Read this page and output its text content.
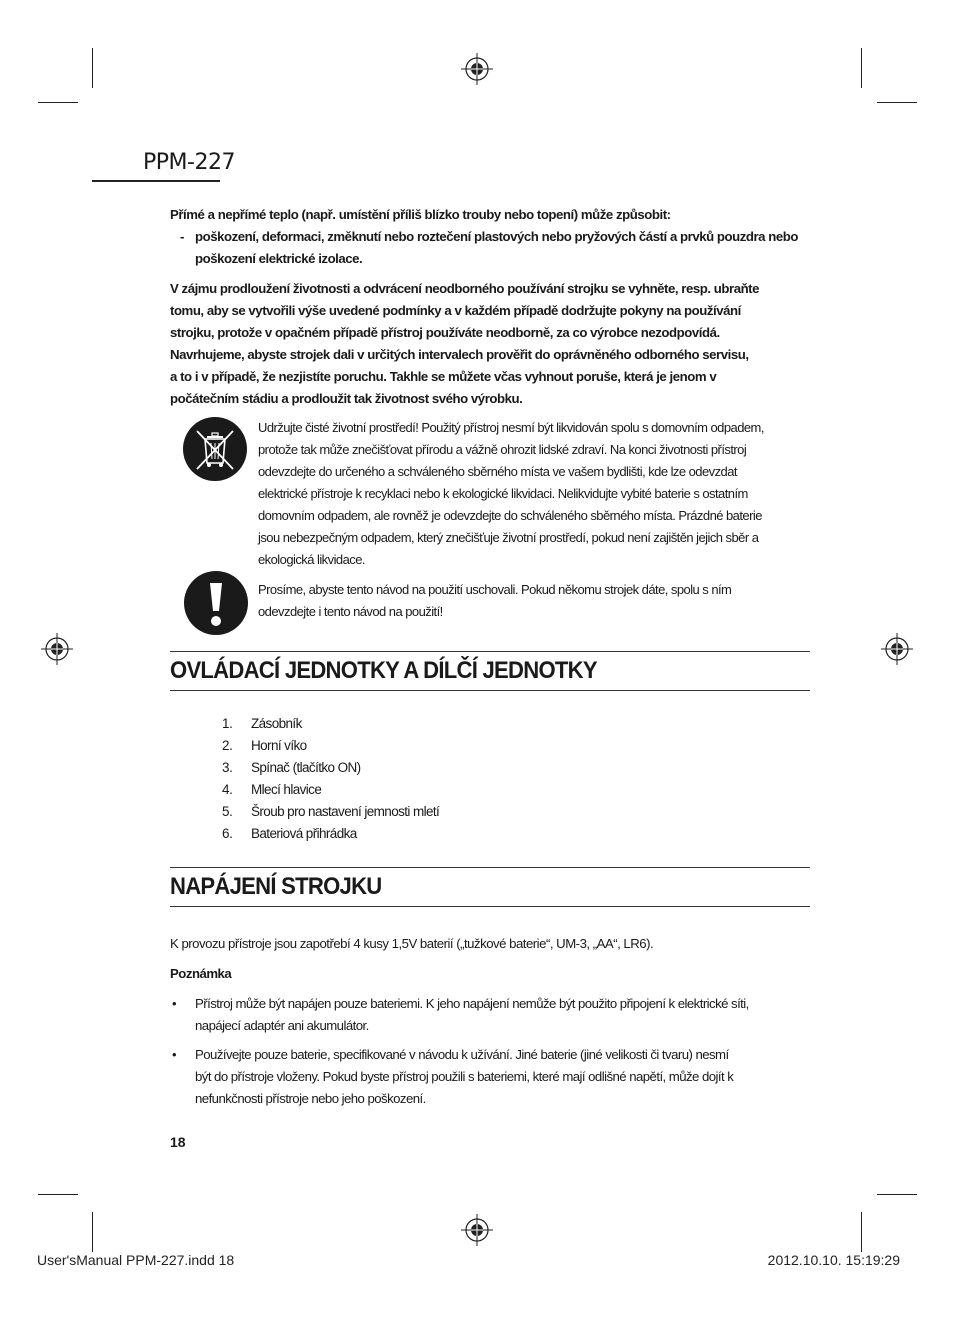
PPM-227
Přímé a nepřímé teplo (např. umístění příliš blízko trouby nebo topení) může způsobit:
- poškození, deformaci, změknutí nebo roztečení plastových nebo pryžových částí a prvků pouzdra nebo poškození elektrické izolace.
V zájmu prodloužení životnosti a odvrácení neodborného používání strojku se vyhněte, resp. ubraňte
tomu, aby se vytvořili výše uvedené podmínky a v každém případě dodržujte pokyny na používání
strojku, protože v opačném případě přístroj používáte neodborně, za co výrobce nezodpovídá.
Navrhujeme, abyste strojek dali v určitých intervalech prověřit do oprávněného odborného servisu,
a to i v případě, že nezjistíte poruchu. Takhle se můžete včas vyhnout poruše, která je jenom v
počátečním stádiu a prodloužit tak životnost svého výrobku.
Udržujte čisté životní prostředí! Použitý přístroj nesmí být likvidován spolu s domovním odpadem,
protože tak může znečišťovat přírodu a vážně ohrozit lidské zdraví. Na konci životnosti přístroj
odevzdejte do určeného a schváleného sběrného místa ve vašem bydlišti, kde lze odevzdat
elektrické přístroje k recyklaci nebo k ekologické likvidaci. Nelikvidujte vybité baterie s ostatním
domovním odpadem, ale rovněž je odevzdejte do schváleného sběrného místa. Prázdné baterie
jsou nebezpečným odpadem, který znečišťuje životní prostředí, pokud není zajištěn jejich sběr a
ekologická likvidace.
Prosíme, abyste tento návod na použití uschovali. Pokud někomu strojek dáte, spolu s ním
odevzdejte i tento návod na použití!
OVLÁDACÍ JEDNOTKY A DÍLČÍ JEDNOTKY
1. Zásobník
2. Horní víko
3. Spínač (tlačítko ON)
4. Mlecí hlavice
5. Šroub pro nastavení jemnosti mletí
6. Bateriová přihrádka
NAPÁJENÍ STROJKU
K provozu přístroje jsou zapotřebí 4 kusy 1,5V baterií („tužkové baterie“, UM-3, „AA“, LR6).
Poznámka
• Přístroj může být napájen pouze bateriemi. K jeho napájení nemůže být použito připojení k elektrické síti,
napájecí adaptér ani akumulátor.
• Používejte pouze baterie, specifikované v návodu k užívání. Jiné baterie (jiné velikosti či tvaru) nesmí
být do přístroje vloženy. Pokud byste přístroj použili s bateriemi, které mají odlišné napětí, může dojít k
nefunkčnosti přístroje nebo jeho poškození.
18
User'sManual PPM-227.indd 18	2012.10.10. 15:19:29
